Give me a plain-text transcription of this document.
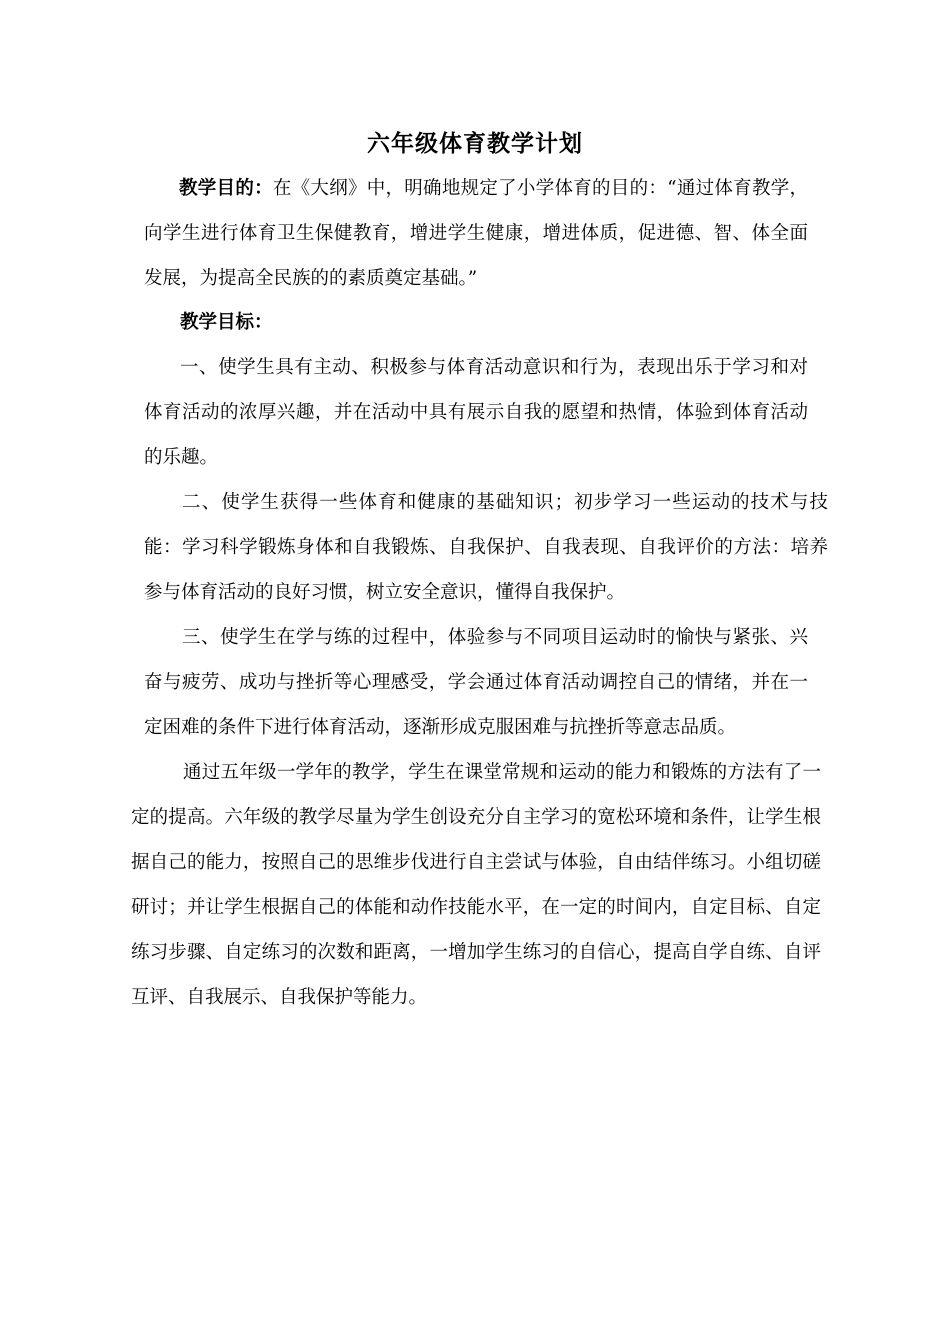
六年级体育教学计划

教学目的：在《大纲》中，明确地规定了小学体育的目的：“通过体育教学，向学生进行体育卫生保健教育，增进学生健康，增进体质，促进德、智、体全面发展，为提高全民族的的素质奠定基础。”

教学目标：

一、使学生具有主动、积极参与体育活动意识和行为，表现出乐于学习和对体育活动的浓厚兴趣，并在活动中具有展示自我的愿望和热情，体验到体育活动的乐趣。

二、使学生获得一些体育和健康的基础知识；初步学习一些运动的技术与技能：学习科学锻炼身体和自我锻炼、自我保护、自我表现、自我评价的方法：培养参与体育活动的良好习惯，树立安全意识，懂得自我保护。

三、使学生在学与练的过程中，体验参与不同项目运动时的愉快与紧张、兴奋与疲劳、成功与挫折等心理感受，学会通过体育活动调控自己的情绪，并在一定困难的条件下进行体育活动，逐渐形成克服困难与抗挫折等意志品质。

通过五年级一学年的教学，学生在课堂常规和运动的能力和锻炼的方法有了一定的提高。六年级的教学尽量为学生创设充分自主学习的宽松环境和条件，让学生根据自己的能力，按照自己的思维步伐进行自主尝试与体验，自由结伴练习。小组切磋研讨；并让学生根据自己的体能和动作技能水平，在一定的时间内，自定目标、自定练习步骤、自定练习的次数和距离，一增加学生练习的自信心，提高自学自练、自评互评、自我展示、自我保护等能力。
